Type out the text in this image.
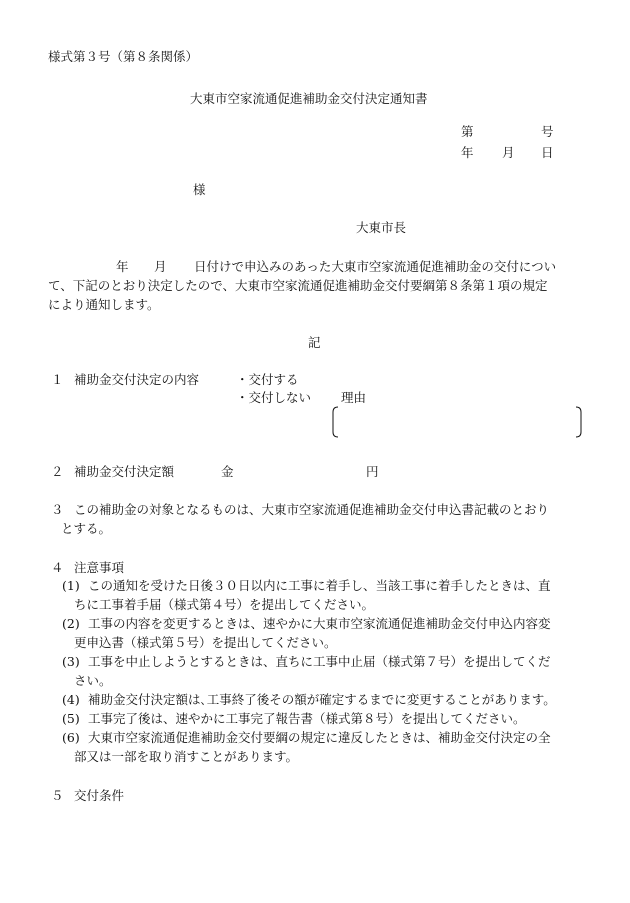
様式第３号（第８条関係）
大東市空家流通促進補助金交付決定通知書
第	号
年 月 日
様
大東市長
年 月 日付けで申込みのあった大東市空家流通促進補助金の交付につい
て、下記のとおり決定したので、大東市空家流通促進補助金交付要綱第８条第１項の規定
により通知します。
記
１ 補助金交付決定の内容	・交付する
・交付しない 理由
２ 補助金交付決定額	金	円
３ この補助金の対象となるものは、大東市空家流通促進補助金交付申込書記載のとおり
とする。
４ 注意事項
(1) この通知を受けた日後３０日以内に工事に着手し、当該工事に着手したときは、直
ちに工事着手届（様式第４号）を提出してください。
(2) 工事の内容を変更するときは、速やかに大東市空家流通促進補助金交付申込内容変
更申込書（様式第５号）を提出してください。
(3) 工事を中止しようとするときは、直ちに工事中止届（様式第７号）を提出してくだ
さい。
(4) 補助金交付決定額は､工事終了後その額が確定するまでに変更することがあります。
(5) 工事完了後は、速やかに工事完了報告書（様式第８号）を提出してください。
(6) 大東市空家流通促進補助金交付要綱の規定に違反したときは、補助金交付決定の全
部又は一部を取り消すことがあります。
５ 交付条件
